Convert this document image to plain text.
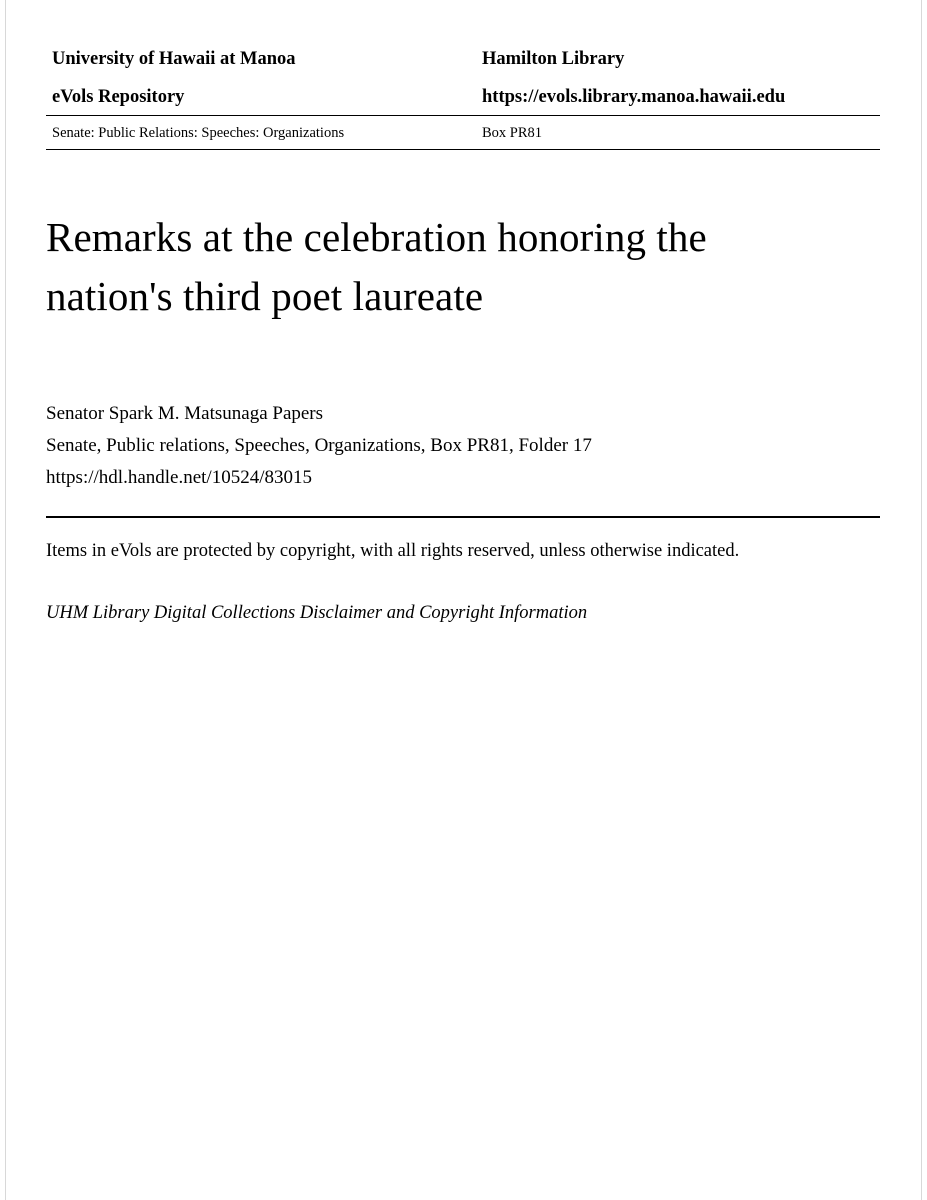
University of Hawaii at Manoa	Hamilton Library
eVols Repository	https://evols.library.manoa.hawaii.edu
Senate: Public Relations: Speeches: Organizations	Box PR81
Remarks at the celebration honoring the nation's third poet laureate
Senator Spark M. Matsunaga Papers
Senate, Public relations, Speeches, Organizations, Box PR81, Folder 17
https://hdl.handle.net/10524/83015
Items in eVols are protected by copyright, with all rights reserved, unless otherwise indicated.
UHM Library Digital Collections Disclaimer and Copyright Information
